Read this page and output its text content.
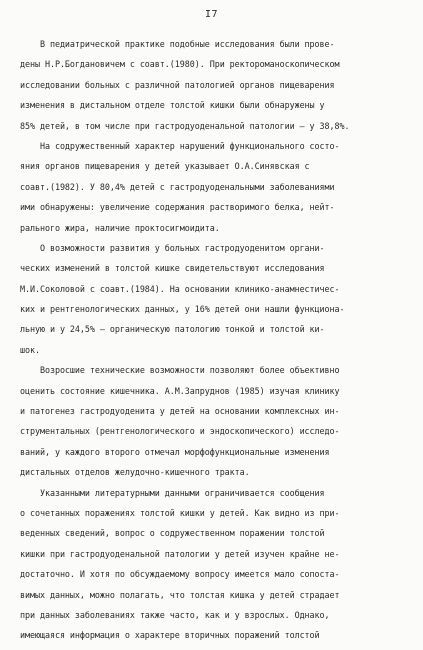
I7
В педиатрической практике подобные исследования были прове-
дены Н.Р.Богдановичем с соавт.(1980). При ректороманоскопическом
исследовании больных с различной патологией органов пищеварения
изменения в дистальном отделе толстой кишки были обнаружены у
85% детей, в том числе при гастродуоденальной патологии – у 38,8%.
На содружественный характер нарушений функционального состо-
яния органов пищеварения у детей указывает О.А.Синявская с
соавт.(1982). У 80,4% детей с гастродуоденальными заболеваниями
ими обнаружены: увеличение содержания растворимого белка, нейт-
рального жира, наличие проктосигмоидита.
О возможности развития у больных гастродуоденитом органи-
ческих изменений в толстой кишке свидетельствуют исследования
М.И.Соколовой с соавт.(1984). На основании клинико-анамнестичес-
ких и рентгенологических данных, у 16% детей они нашли функциона-
льную и у 24,5% – органическую патологию тонкой и толстой ки-
шок.
Возросшие технические возможности позволяют более объективно
оценить состояние кишечника. А.М.Запруднов (1985) изучая клинику
и патогенез гастродуоденита у детей на основании комплексных ин-
струментальных (рентгенологического и эндоскопического) исследо-
ваний, у каждого второго отмечал морфофункциональные изменения
дистальных отделов желудочно-кишечного тракта.
Указанными литературными данными ограничивается сообщения
о сочетанных поражениях толстой кишки у детей. Как видно из при-
веденных сведений, вопрос о содружественном поражении толстой
кишки при гастродуоденальной патологии у детей изучен крайне не-
достаточно. И хотя по обсуждаемому вопросу имеется мало сопоста-
вимых данных, можно полагать, что толстая кишка у детей страдает
при данных заболеваниях также часто, как и у взрослых. Однако,
имеющаяся информация о характере вторичных поражений толстой
